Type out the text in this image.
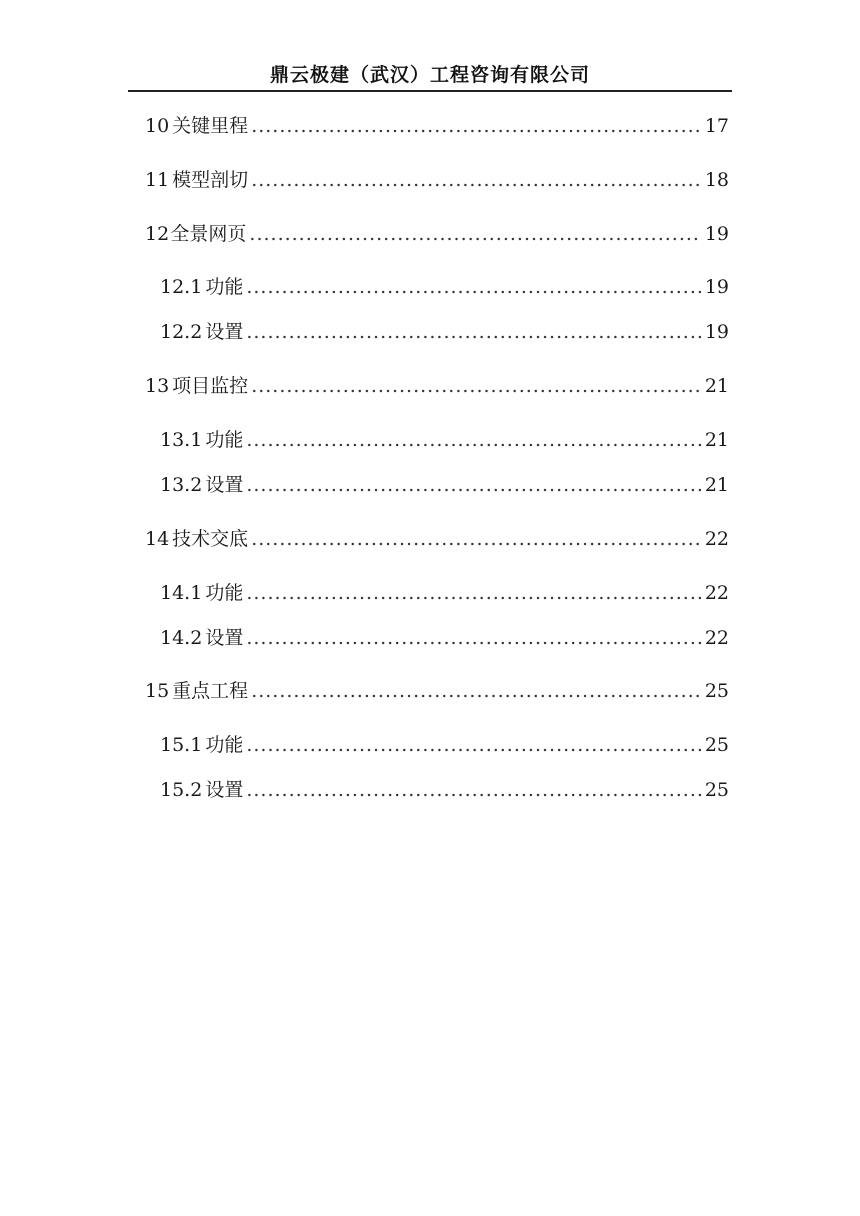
鼎云极建（武汉）工程咨询有限公司
10 关键里程 .....	17
11 模型剖切 .....	18
12 全景网页 .....	19
12.1 功能 .....	19
12.2 设置 .....	19
13 项目监控 .....	21
13.1 功能 .....	21
13.2 设置 .....	21
14 技术交底 .....	22
14.1 功能 .....	22
14.2 设置 .....	22
15 重点工程 .....	25
15.1 功能 .....	25
15.2 设置 .....	25
